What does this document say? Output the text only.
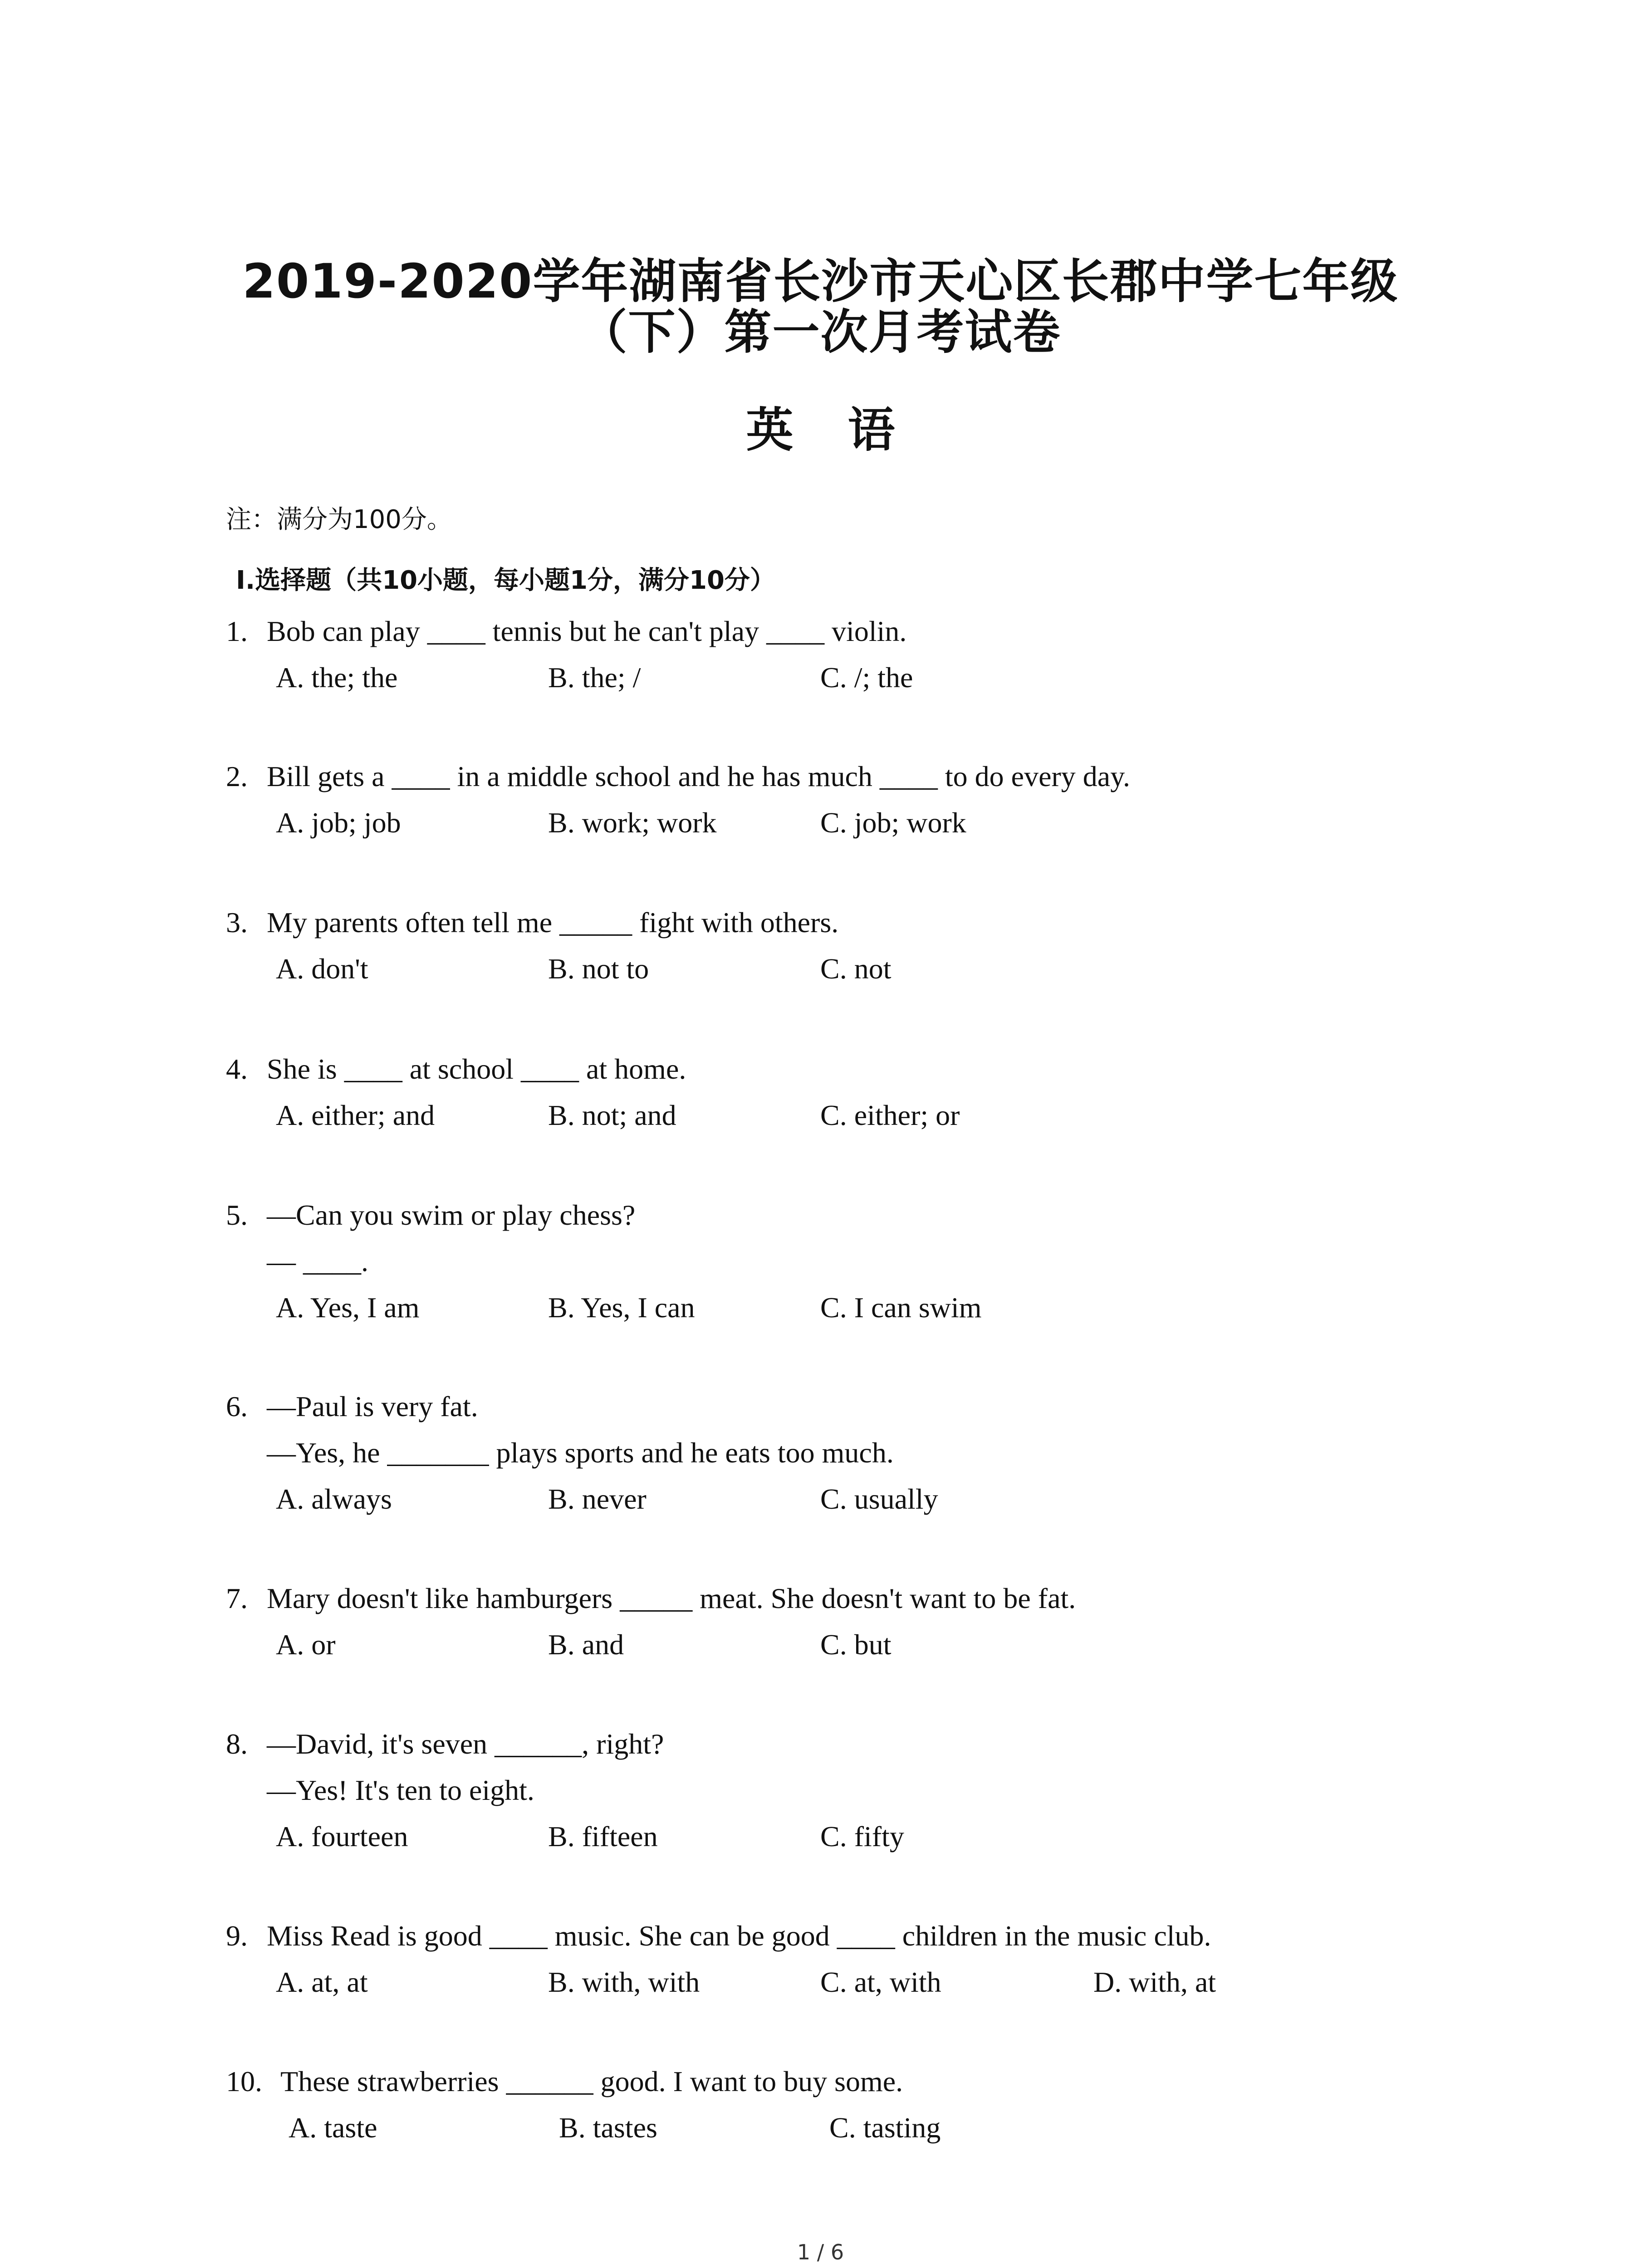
2019-2020学年湖南省长沙市天心区长郡中学七年级
（下）第一次月考试卷
英语
注：满分为100分。
Ⅰ.选择题（共10小题，每小题1分，满分10分）
1. Bob can play ____ tennis but he can't play ____ violin.
A. the; the	B. the; /	C. /; the
2. Bill gets a ____ in a middle school and he has much ____ to do every day.
A. job; job	B. work; work	C. job; work
3. My parents often tell me _____ fight with others.
A. don't	B. not to	C. not
4. She is ____ at school ____ at home.
A. either; and	B. not; and	C. either; or
5. —Can you swim or play chess?
— ____.
A. Yes, I am	B. Yes, I can	C. I can swim
6. —Paul is very fat.
—Yes, he _______ plays sports and he eats too much.
A. always	B. never	C. usually
7. Mary doesn't like hamburgers _____ meat. She doesn't want to be fat.
A. or	B. and	C. but
8. —David, it's seven ______, right?
—Yes! It's ten to eight.
A. fourteen	B. fifteen	C. fifty
9. Miss Read is good ____ music. She can be good ____ children in the music club.
A. at, at	B. with, with	C. at, with	D. with, at
10. These strawberries ______ good. I want to buy some.
A. taste	B. tastes	C. tasting
1 / 6
